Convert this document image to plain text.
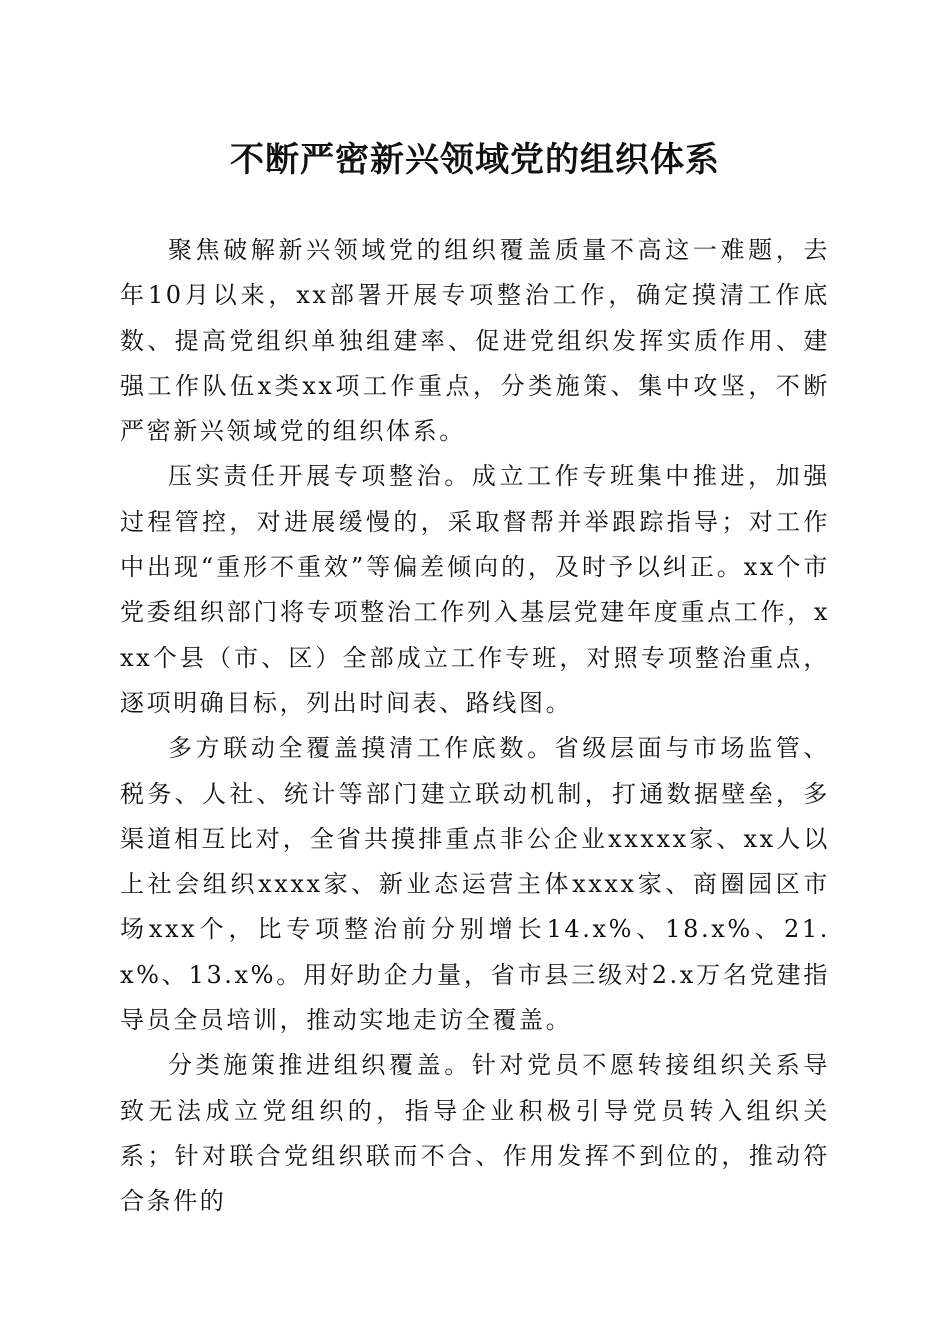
不断严密新兴领域党的组织体系

聚焦破解新兴领域党的组织覆盖质量不高这一难题，去年10月以来，xx部署开展专项整治工作，确定摸清工作底数、提高党组织单独组建率、促进党组织发挥实质作用、建强工作队伍x类xx项工作重点，分类施策、集中攻坚，不断严密新兴领域党的组织体系。

压实责任开展专项整治。成立工作专班集中推进，加强过程管控，对进展缓慢的，采取督帮并举跟踪指导；对工作中出现“重形不重效”等偏差倾向的，及时予以纠正。xx个市党委组织部门将专项整治工作列入基层党建年度重点工作，xxx个县（市、区）全部成立工作专班，对照专项整治重点，逐项明确目标，列出时间表、路线图。

多方联动全覆盖摸清工作底数。省级层面与市场监管、税务、人社、统计等部门建立联动机制，打通数据壁垒，多渠道相互比对，全省共摸排重点非公企业xxxxx家、xx人以上社会组织xxxx家、新业态运营主体xxxx家、商圈园区市场xxx个，比专项整治前分别增长14.x%、18.x%、21.x%、13.x%。用好助企力量，省市县三级对2.x万名党建指导员全员培训，推动实地走访全覆盖。

分类施策推进组织覆盖。针对党员不愿转接组织关系导致无法成立党组织的，指导企业积极引导党员转入组织关系；针对联合党组织联而不合、作用发挥不到位的，推动符合条件的
